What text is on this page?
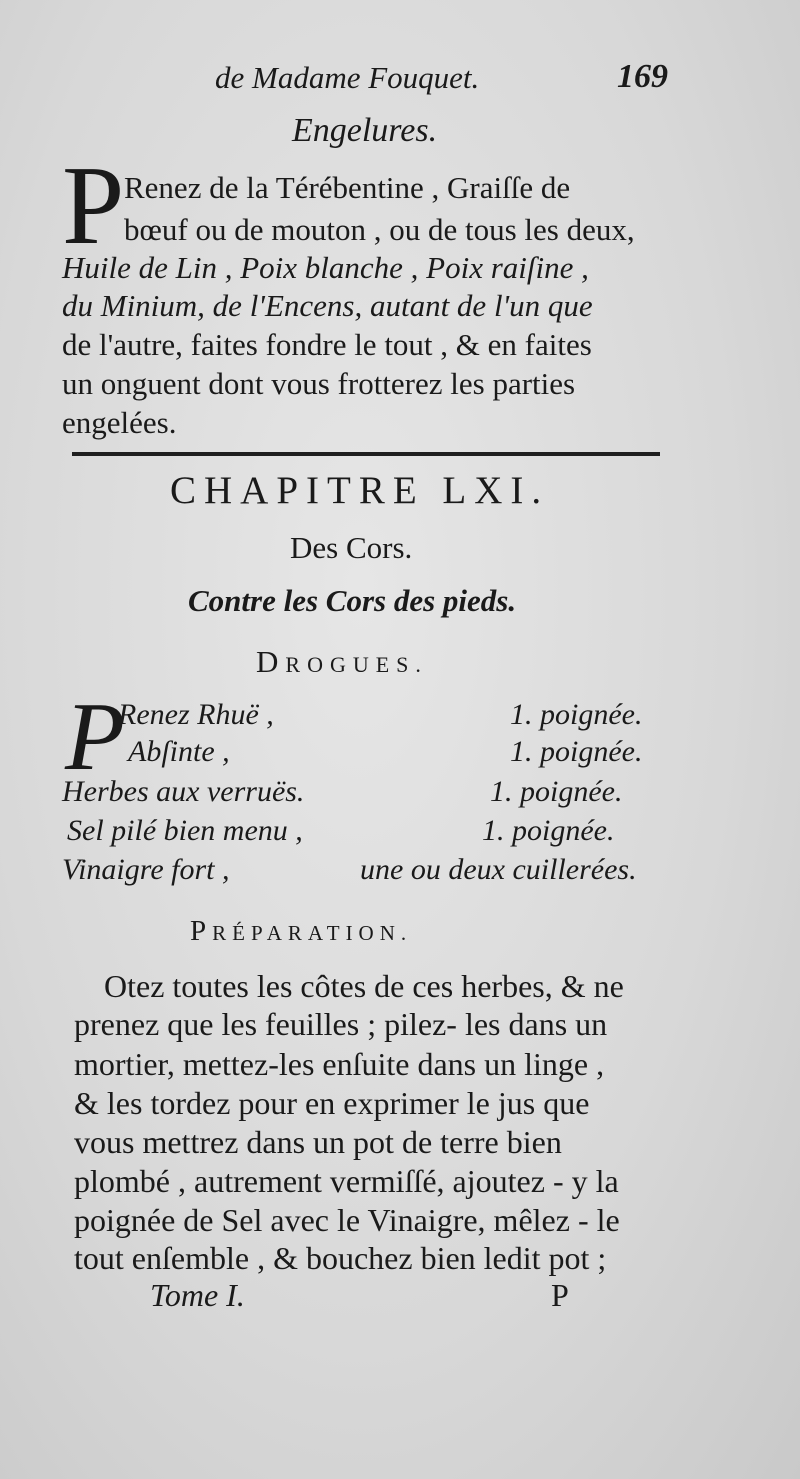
de Madame Fouquet.	169
Engelures.
P Renez de la Térébentine , Graiſſe de
bœuf ou de mouton , ou de tous les deux,
Huile de Lin , Poix blanche , Poix raiſine ,
du Minium, de l'Encens, autant de l'un que
de l'autre, faites fondre le tout , & en faites
un onguent dont vous frotterez les parties
engelées.
CHAPITRE LXI.
Des Cors.
Contre les Cors des pieds.
DROGUES.
P
Renez Rhuë ,	1. poignée.
Abſinte ,	1. poignée.
Herbes aux verruës.	1. poignée.
Sel pilé bien menu ,	1. poignée.
Vinaigre fort ,	une ou deux cuillerées.
PRÉPARATION.
Otez toutes les côtes de ces herbes, & ne
prenez que les feuilles ; pilez- les dans un
mortier, mettez-les enſuite dans un linge ,
& les tordez pour en exprimer le jus que
vous mettrez dans un pot de terre bien
plombé , autrement vermiſſé, ajoutez - y la
poignée de Sel avec le Vinaigre, mêlez - le
tout enſemble , & bouchez bien ledit pot ;
Tome I.	P
